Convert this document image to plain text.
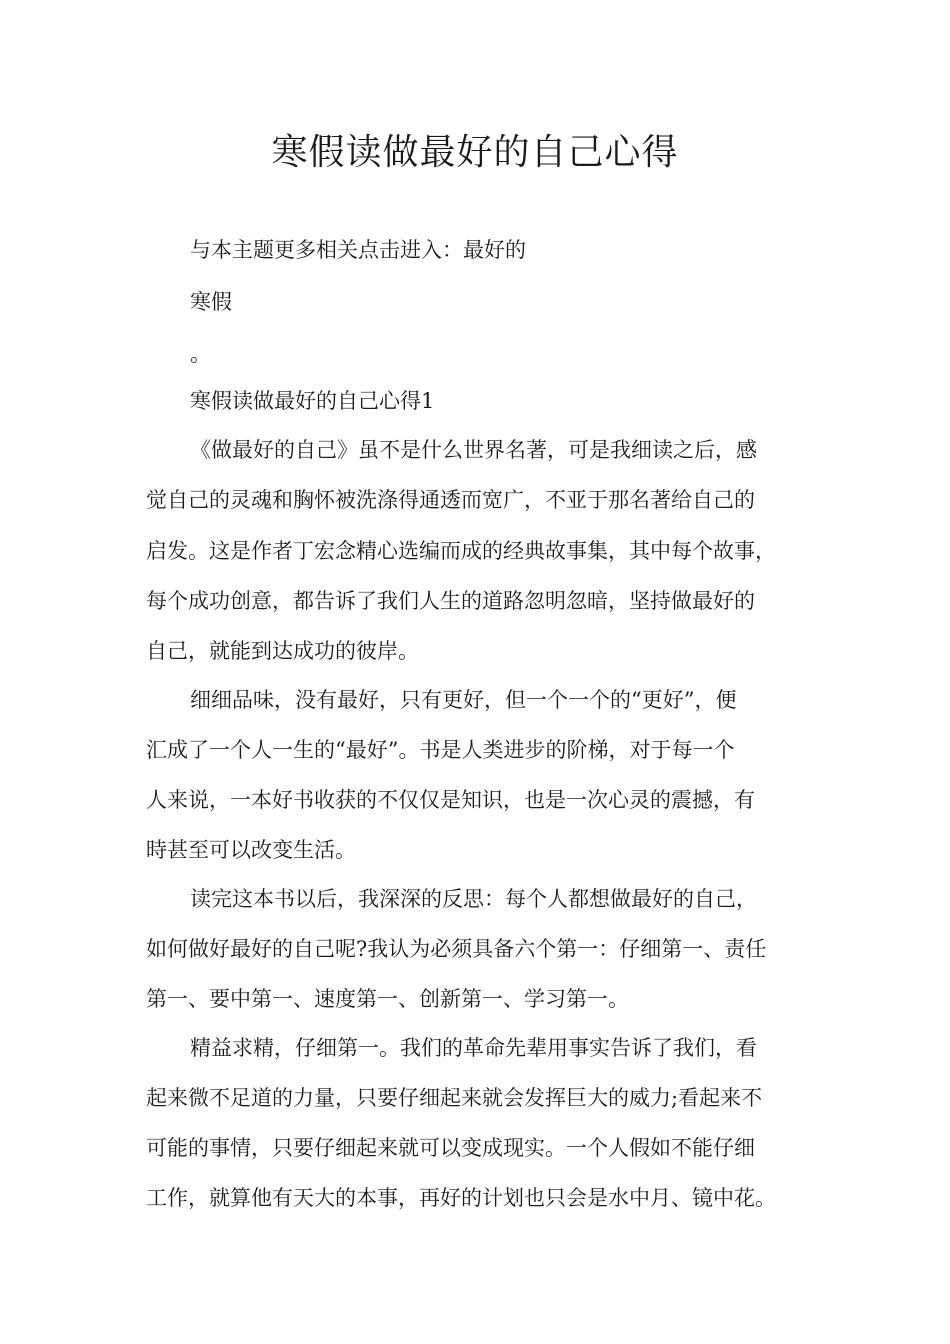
寒假读做最好的自己心得

与本主题更多相关点击进入：最好的

寒假

。

寒假读做最好的自己心得1

《做最好的自己》虽不是什么世界名著，可是我细读之后，感

觉自己的灵魂和胸怀被洗涤得通透而宽广，不亚于那名著给自己的

启发。这是作者丁宏念精心选编而成的经典故事集，其中每个故事，

每个成功创意，都告诉了我们人生的道路忽明忽暗，坚持做最好的

自己，就能到达成功的彼岸。

细细品味，没有最好，只有更好，但一个一个的“更好”，便

汇成了一个人一生的“最好”。书是人类进步的阶梯，对于每一个

人来说，一本好书收获的不仅仅是知识，也是一次心灵的震撼，有

時甚至可以改变生活。

读完这本书以后，我深深的反思：每个人都想做最好的自己，

如何做好最好的自己呢?我认为必须具备六个第一：仔细第一、责任

第一、要中第一、速度第一、创新第一、学习第一。

精益求精，仔细第一。我们的革命先辈用事实告诉了我们，看

起来微不足道的力量，只要仔细起来就会发挥巨大的威力;看起来不

可能的事情，只要仔细起来就可以变成现实。一个人假如不能仔细

工作，就算他有天大的本事，再好的计划也只会是水中月、镜中花。
